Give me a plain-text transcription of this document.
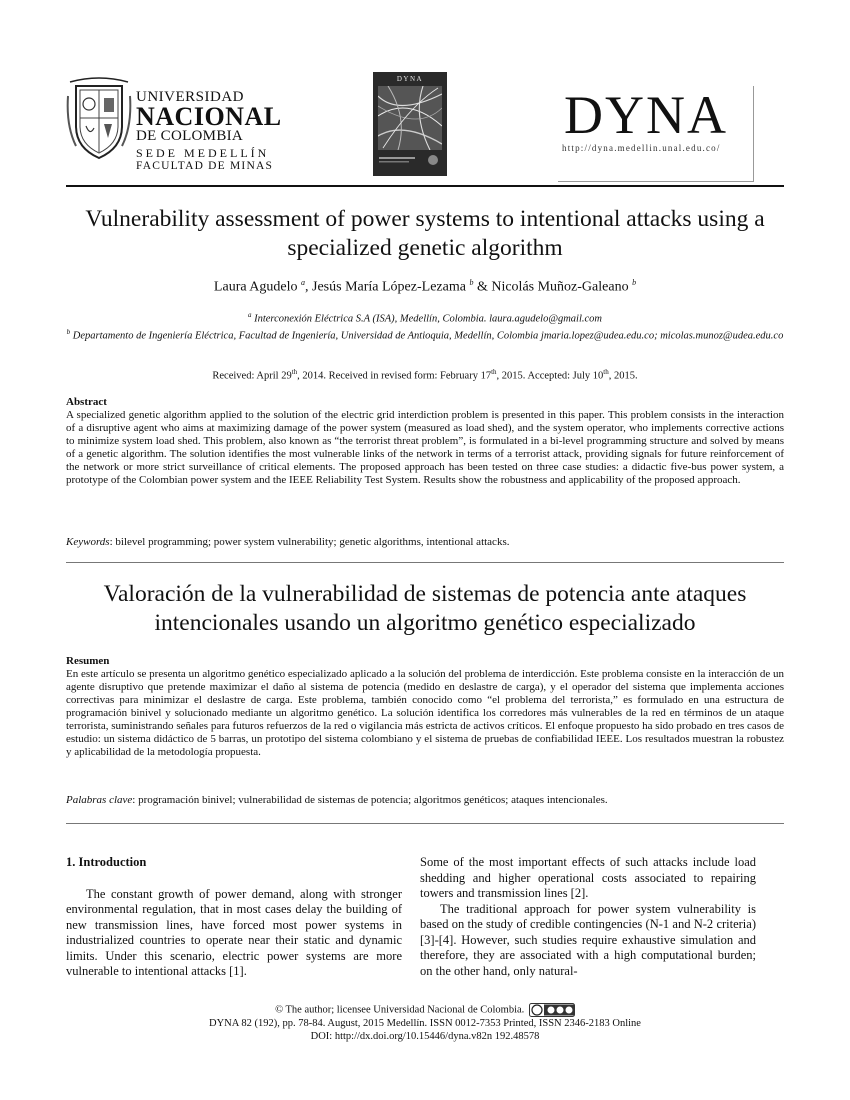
UNIVERSIDAD
NACIONAL
DE COLOMBIA
SEDE MEDELLÍN
FACULTAD DE MINAS
DYNA
DYNA
http://dyna.medellin.unal.edu.co/
Vulnerability assessment of power systems to intentional attacks using a specialized genetic algorithm
Laura Agudelo $^a$, Jesús María López-Lezama $^b$ & Nicolás Muñoz-Galeano $^b$
$^a$ Interconexión Eléctrica S.A (ISA), Medellín, Colombia. laura.agudelo@gmail.com
$^b$ Departamento de Ingeniería Eléctrica, Facultad de Ingeniería, Universidad de Antioquia, Medellín, Colombia jmaria.lopez@udea.edu.co; micolas.munoz@udea.edu.co
Received: April 29th, 2014. Received in revised form: February 17th, 2015. Accepted: July 10th, 2015.
Abstract

A specialized genetic algorithm applied to the solution of the electric grid interdiction problem is presented in this paper. This problem consists in the interaction of a disruptive agent who aims at maximizing damage of the power system (measured as load shed), and the system operator, who implements corrective actions to minimize system load shed. This problem, also known as “the terrorist threat problem”, is formulated in a bi-level programming structure and solved by means of a genetic algorithm. The solution identifies the most vulnerable links of the network in terms of a terrorist attack, providing signals for future reinforcement of the network or more strict surveillance of critical elements. The proposed approach has been tested on three case studies: a didactic five-bus power system, a prototype of the Colombian power system and the IEEE Reliability Test System. Results show the robustness and applicability of the proposed approach.

Keywords: bilevel programming; power system vulnerability; genetic algorithms, intentional attacks.
Valoración de la vulnerabilidad de sistemas de potencia ante ataques intencionales usando un algoritmo genético especializado
Resumen

En este artículo se presenta un algoritmo genético especializado aplicado a la solución del problema de interdicción. Este problema consiste en la interacción de un agente disruptivo que pretende maximizar el daño al sistema de potencia (medido en deslastre de carga), y el operador del sistema que implementa acciones correctivas para minimizar el deslastre de carga. Este problema, también conocido como “el problema del terrorista,” es formulado en una estructura de programación binivel y solucionado mediante un algoritmo genético. La solución identifica los corredores más vulnerables de la red en términos de un ataque terrorista, suministrando señales para futuros refuerzos de la red o vigilancia más estricta de activos críticos. El enfoque propuesto ha sido probado en tres casos de estudio: un sistema didáctico de 5 barras, un prototipo del sistema colombiano y el sistema de pruebas de confiabilidad IEEE. Los resultados muestran la robustez y aplicabilidad de la metodología propuesta.

Palabras clave: programación binivel; vulnerabilidad de sistemas de potencia; algoritmos genéticos; ataques intencionales.
1. Introduction

The constant growth of power demand, along with stronger environmental regulation, that in most cases delay the building of new transmission lines, have forced most power systems in industrialized countries to operate near their static and dynamic limits. Under this scenario, electric power systems are more vulnerable to intentional attacks [1].

Some of the most important effects of such attacks include load shedding and higher operational costs associated to repairing towers and transmission lines [2].

The traditional approach for power system vulnerability is based on the study of credible contingencies (N-1 and N-2 criteria) [3]-[4]. However, such studies require exhaustive simulation and therefore, they are associated with a high computational burden; on the other hand, only natural-

© The author; licensee Universidad Nacional de Colombia.
DYNA 82 (192), pp. 78-84. August, 2015 Medellín. ISSN 0012-7353 Printed, ISSN 2346-2183 Online
DOI: http://dx.doi.org/10.15446/dyna.v82n 192.48578
